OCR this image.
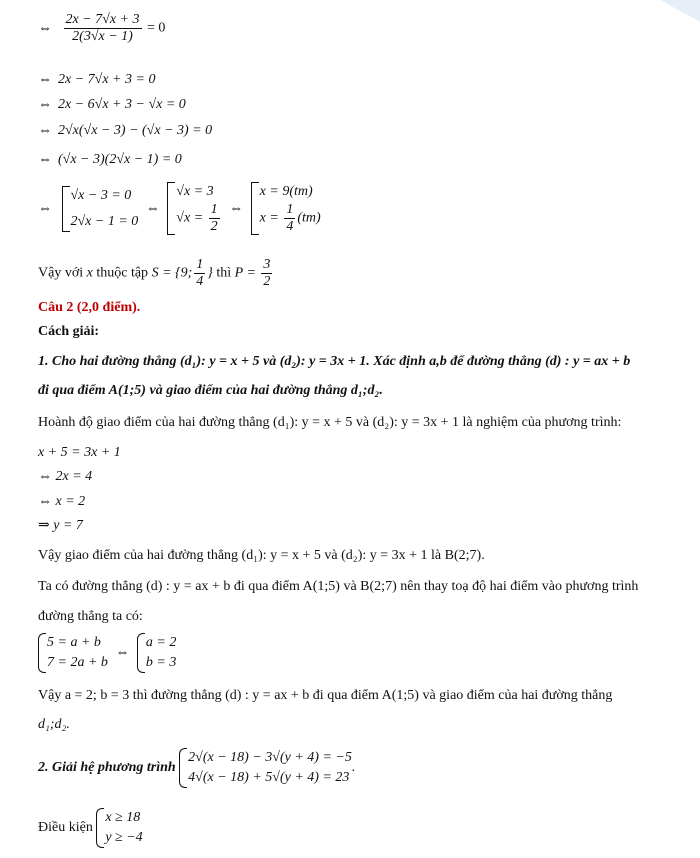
⇔ $\frac{2x - 7√x + 3}{2(3√x - 1)} = 0$
⇔ 2x − 7√x + 3 = 0
⇔ 2x − 6√x + 3 − √x = 0
⇔ 2√x(√x − 3) − (√x − 3) = 0
⇔ (√x − 3)(2√x − 1) = 0
⇔
√x − 3 = 0
2√x − 1 = 0
⇔
√x = 3
$√x = \frac{1}{2}$ ⇔
x = 9(tm)
$x = \frac{1}{4} (tm)$
Vậy với x thuộc tập S = {9; $\frac{1}{4}$ } thì $P = \frac{3}{2}$
Câu 2 (2,0 điểm).
Cách giải:
1. Cho hai đường thẳng (d₁): y = x + 5 và (d₂): y = 3x + 1. Xác định a,b để đường thẳng (d) : y = ax + b
đi qua điểm A(1;5) và giao điểm của hai đường thẳng d₁;d₂.
Hoành độ giao điểm của hai đường thẳng (d₁): y = x + 5 và (d₂): y = 3x + 1 là nghiệm của phương trình:
x + 5 = 3x + 1
⇔ 2x = 4
⇔ x = 2
⇒ y = 7
Vậy giao điểm của hai đường thẳng (d₁): y = x + 5 và (d₂): y = 3x + 1 là B(2;7).
Ta có đường thẳng (d) : y = ax + b đi qua điểm A(1;5) và B(2;7) nên thay toạ độ hai điểm vào phương trình
đường thẳng ta có:
5 = a + b
7 = 2a + b
⇔
a = 2
b = 3
Vậy a = 2; b = 3 thì đường thẳng (d) : y = ax + b đi qua điểm A(1;5) và giao điểm của hai đường thẳng
d₁;d₂.
2. Giải hệ phương trình
2√(x − 18) − 3√(y + 4) = −5
4√(x − 18) + 5√(y + 4) = 23
.
Điều kiện
x ≥ 18
y ≥ −4
